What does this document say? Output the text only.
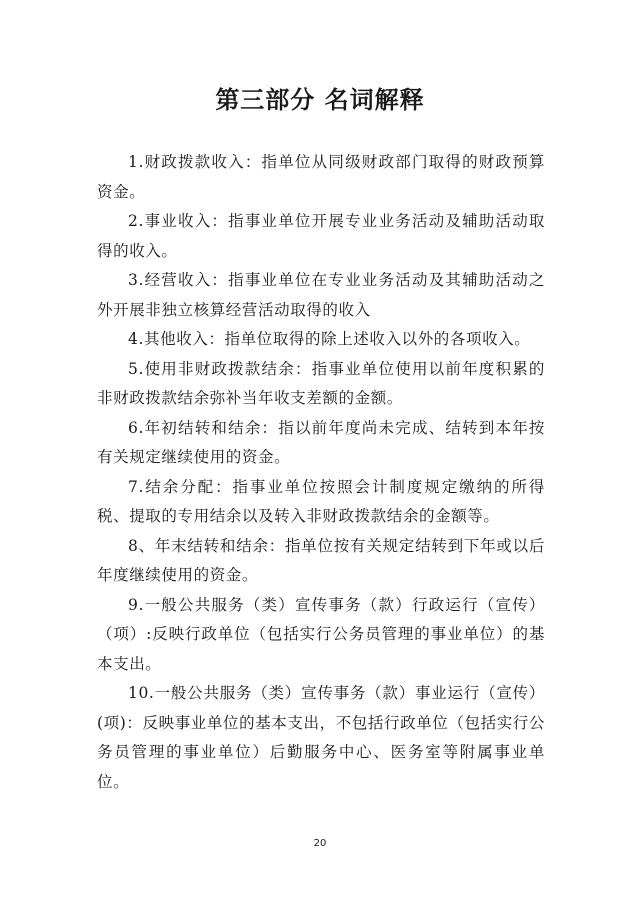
第三部分 名词解释

1.财政拨款收入：指单位从同级财政部门取得的财政预算资金。

2.事业收入：指事业单位开展专业业务活动及辅助活动取得的收入。

3.经营收入：指事业单位在专业业务活动及其辅助活动之外开展非独立核算经营活动取得的收入

4.其他收入：指单位取得的除上述收入以外的各项收入。

5.使用非财政拨款结余：指事业单位使用以前年度积累的非财政拨款结余弥补当年收支差额的金额。

6.年初结转和结余：指以前年度尚未完成、结转到本年按有关规定继续使用的资金。

7.结余分配：指事业单位按照会计制度规定缴纳的所得税、提取的专用结余以及转入非财政拨款结余的金额等。

8、年末结转和结余：指单位按有关规定结转到下年或以后年度继续使用的资金。

9.一般公共服务（类）宣传事务（款）行政运行（宣传）（项）:反映行政单位（包括实行公务员管理的事业单位）的基本支出。

10.一般公共服务（类）宣传事务（款）事业运行（宣传）(项)：反映事业单位的基本支出，不包括行政单位（包括实行公务员管理的事业单位）后勤服务中心、医务室等附属事业单位。

20
